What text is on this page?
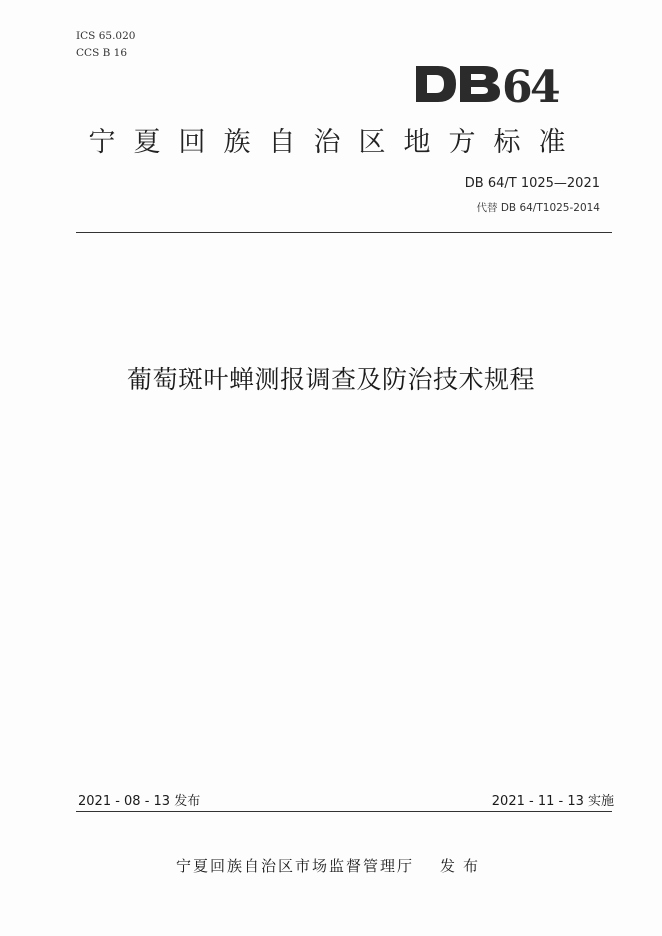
ICS 65.020
CCS B 16
6
4
宁夏回族自治区地方标准
DB 64/T 1025—2021
代替 DB 64/T1025-2014
葡萄斑叶蝉测报调查及防治技术规程
2021 - 08 - 13 发布	2021 - 11 - 13 实施
宁夏回族自治区市场监督管理厅 发布
